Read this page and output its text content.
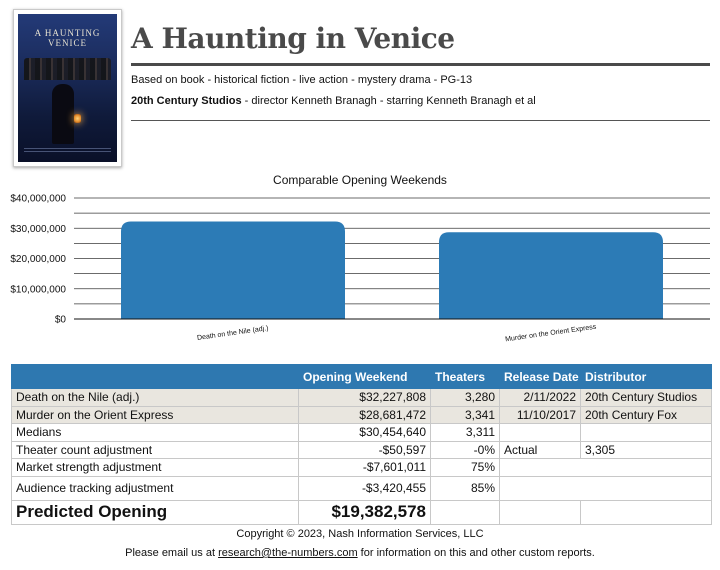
A HAUNTING
VENICE	A Haunting in Venice
Based on book - historical fiction - live action - mystery drama - PG-13
20th Century Studios - director Kenneth Branagh - starring Kenneth Branagh et al
Comparable Opening Weekends
$0
$10,000,000
$20,000,000
$30,000,000
$40,000,000
Death on the Nile (adj.)	Murder on the Orient Express
	Opening Weekend	Theaters	Release Date	Distributor
Death on the Nile (adj.)	$32,227,808	3,280	2/11/2022	20th Century Studios
Murder on the Orient Express	$28,681,472	3,341	11/10/2017	20th Century Fox
Medians	$30,454,640	3,311		
Theater count adjustment	-$50,597	-0%	Actual	3,305
Market strength adjustment	-$7,601,011	75%		
Audience tracking adjustment	-$3,420,455	85%		
Predicted Opening	$19,382,578			
Copyright © 2023, Nash Information Services, LLC
Please email us at research@the-numbers.com for information on this and other custom reports.
